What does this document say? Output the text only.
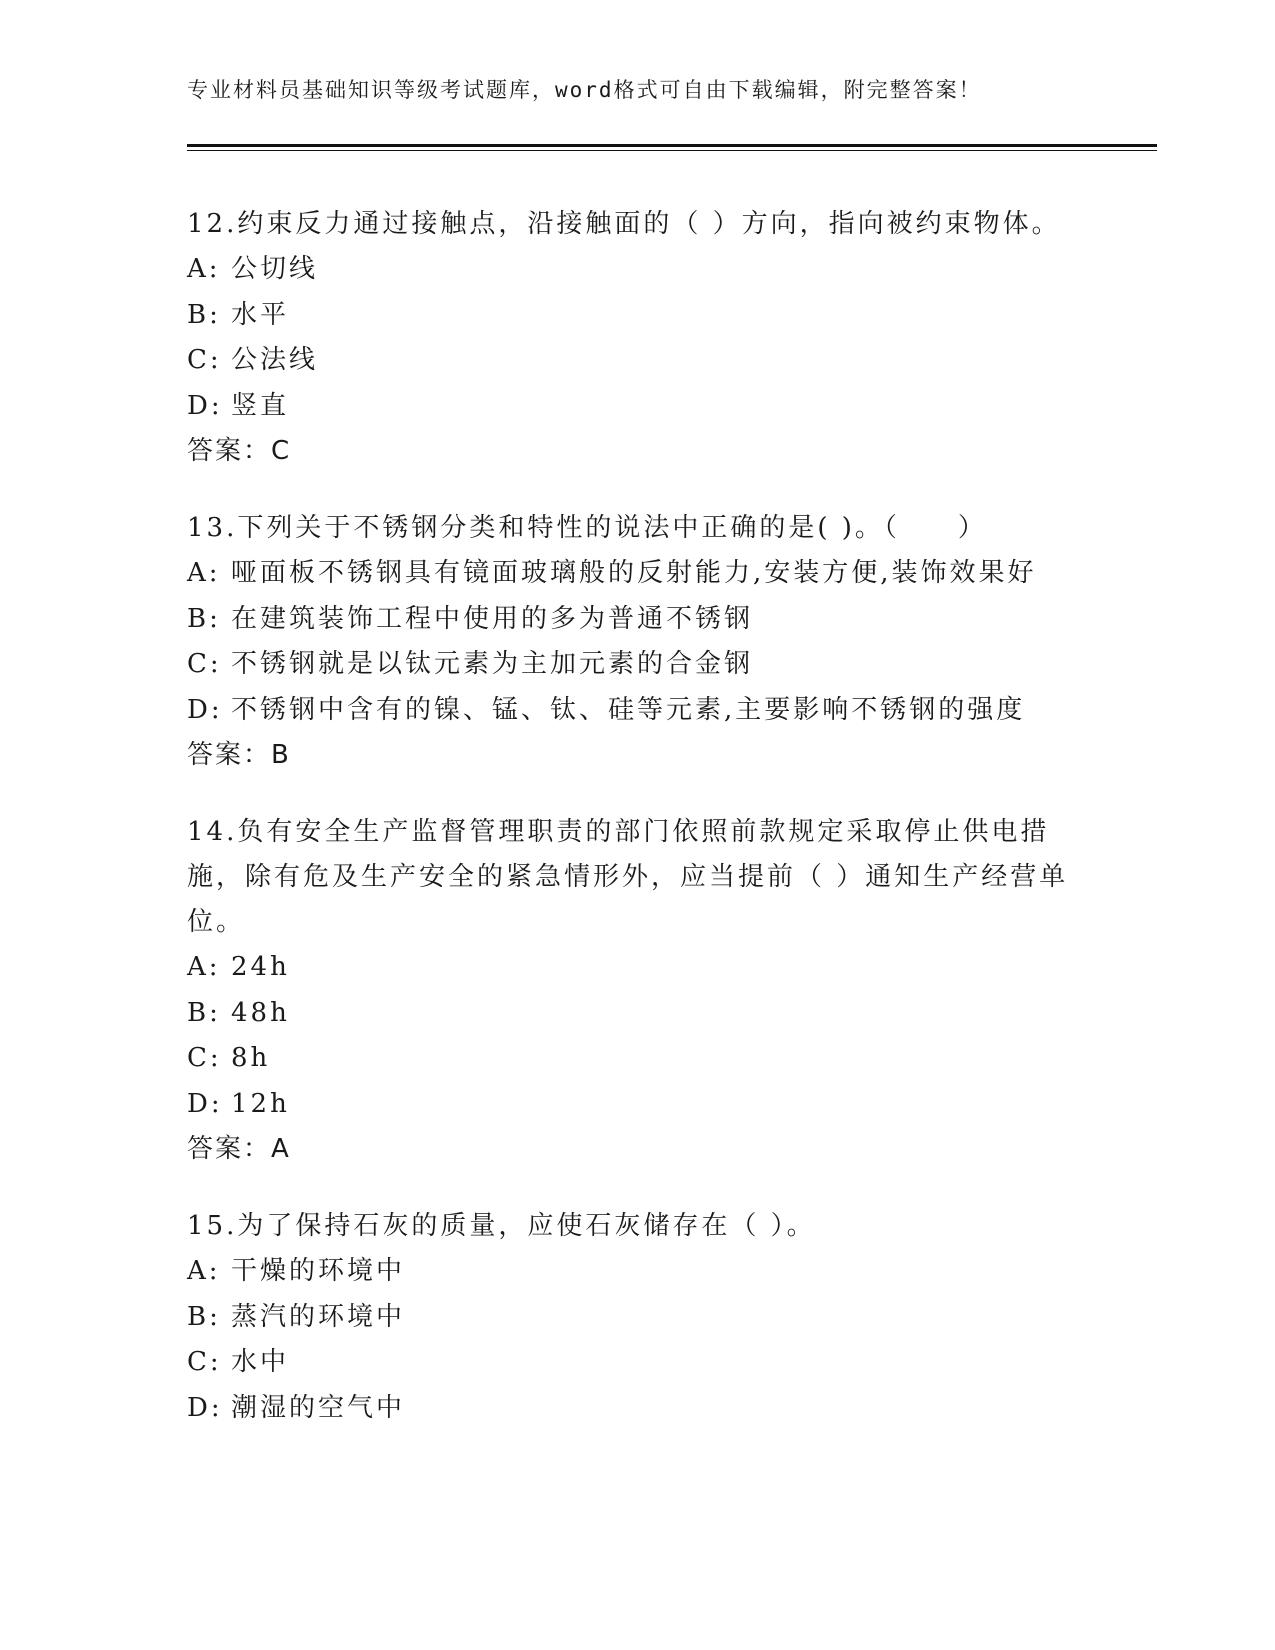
专业材料员基础知识等级考试题库，word格式可自由下载编辑，附完整答案！
12.约束反力通过接触点，沿接触面的（ ）方向，指向被约束物体。
A: 公切线
B: 水平
C: 公法线
D: 竖直
答案：C
13.下列关于不锈钢分类和特性的说法中正确的是( )。（　　）
A: 哑面板不锈钢具有镜面玻璃般的反射能力,安装方便,装饰效果好
B: 在建筑装饰工程中使用的多为普通不锈钢
C: 不锈钢就是以钛元素为主加元素的合金钢
D: 不锈钢中含有的镍、锰、钛、硅等元素,主要影响不锈钢的强度
答案：B
14.负有安全生产监督管理职责的部门依照前款规定采取停止供电措施，除有危及生产安全的紧急情形外，应当提前（ ）通知生产经营单位。
A: 24h
B: 48h
C: 8h
D: 12h
答案：A
15.为了保持石灰的质量，应使石灰储存在（ ）。
A: 干燥的环境中
B: 蒸汽的环境中
C: 水中
D: 潮湿的空气中
